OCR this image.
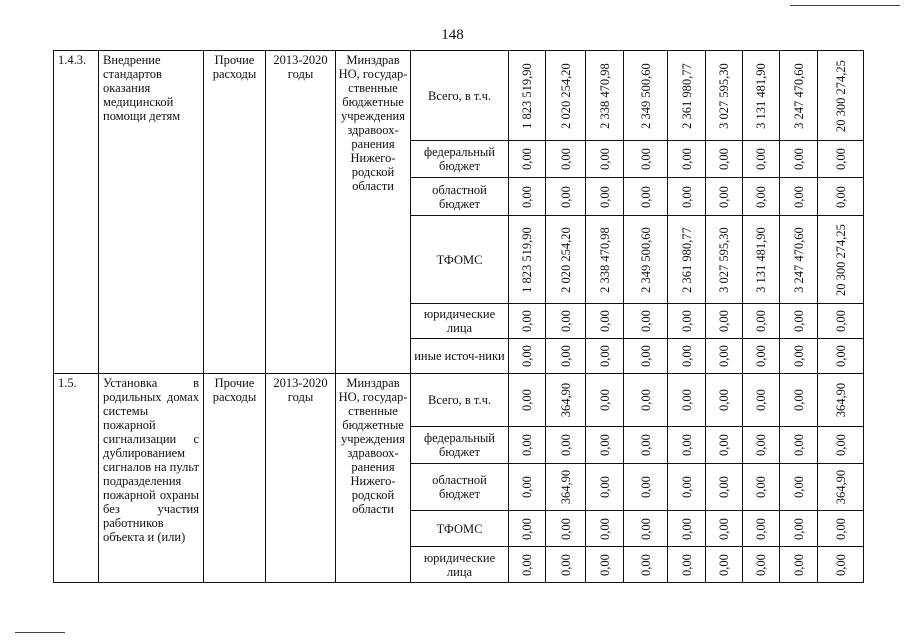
148
1.4.3.	Внедрение стандартов оказания медицинской помощи детям	Прочие расходы	2013-2020 годы	Минздрав НО, государ-ственные бюджетные учреждения здравоох-ранения Нижего-родской области	Всего, в т.ч.	1 823 519,90	2 020 254,20	2 338 470,98	2 349 500,60	2 361 980,77	3 027 595,30	3 131 481,90	3 247 470,60	20 300 274,25

					федеральный бюджет	0,00	0,00	0,00	0,00	0,00	0,00	0,00	0,00	0,00

					областной бюджет	0,00	0,00	0,00	0,00	0,00	0,00	0,00	0,00	0,00

					ТФОМС	1 823 519,90	2 020 254,20	2 338 470,98	2 349 500,60	2 361 980,77	3 027 595,30	3 131 481,90	3 247 470,60	20 300 274,25

					юридические лица	0,00	0,00	0,00	0,00	0,00	0,00	0,00	0,00	0,00

					иные источ-ники	0,00	0,00	0,00	0,00	0,00	0,00	0,00	0,00	0,00

1.5.	Установка в родильных домах системы пожарной сигнализации с дублированием сигналов на пульт подразделения пожарной охраны без участия работников объекта и (или)	Прочие расходы	2013-2020 годы	Минздрав НО, государ-ственные бюджетные учреждения здравоох-ранения Нижего-родской области	Всего, в т.ч.	0,00	364,90	0,00	0,00	0,00	0,00	0,00	0,00	364,90

					федеральный бюджет	0,00	0,00	0,00	0,00	0,00	0,00	0,00	0,00	0,00

					областной бюджет	0,00	364,90	0,00	0,00	0,00	0,00	0,00	0,00	364,90

					ТФОМС	0,00	0,00	0,00	0,00	0,00	0,00	0,00	0,00	0,00

					юридические лица	0,00	0,00	0,00	0,00	0,00	0,00	0,00	0,00	0,00
